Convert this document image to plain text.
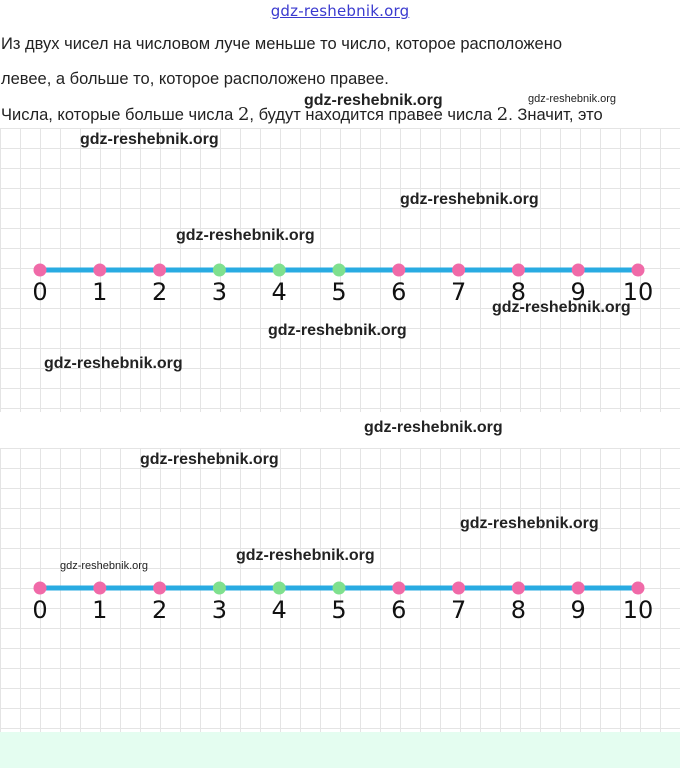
gdz-reshebnik.org
Из двух чисел на числовом луче меньше то число, которое расположено
левее, а больше то, которое расположено правее.
Числа, которые больше числа 2, будут находится правее числа 2. Значит, это
0 1 2 3 4 5 6 7 8 9 10
0 1 2 3 4 5 6 7 8 9 10
gdz-reshebnik.org	gdz-reshebnik.org
gdz-reshebnik.org
gdz-reshebnik.org
gdz-reshebnik.org
gdz-reshebnik.org
gdz-reshebnik.org
gdz-reshebnik.org
gdz-reshebnik.org
gdz-reshebnik.org
gdz-reshebnik.org
gdz-reshebnik.org
gdz-reshebnik.org
